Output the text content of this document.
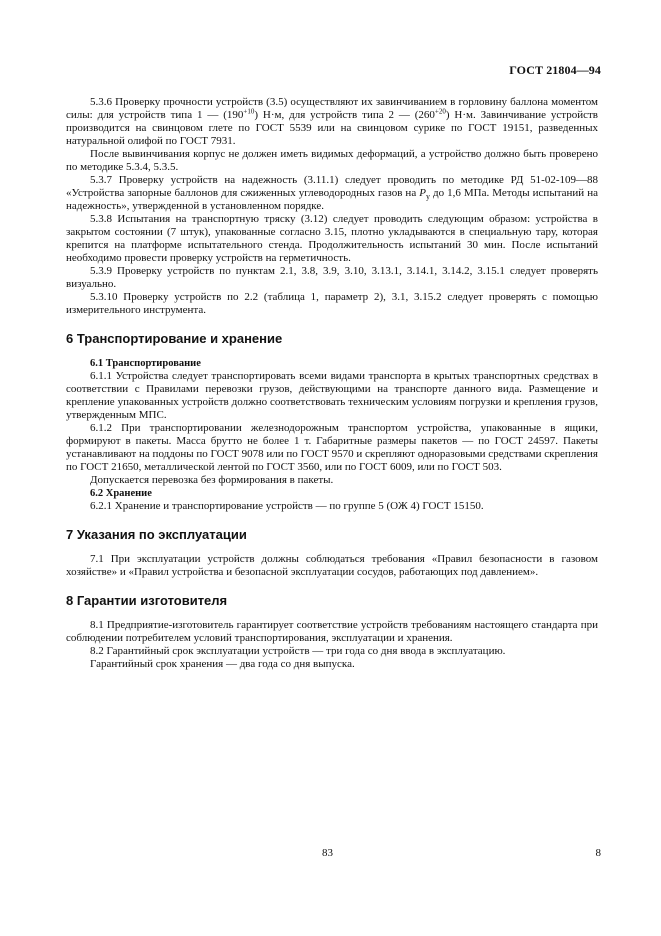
ГОСТ 21804—94

5.3.6 Проверку прочности устройств (3.5) осуществляют их завинчиванием в горловину баллона моментом силы: для устройств типа 1 — $(190^{+10})$ Н·м, для устройств типа 2 — $(260^{+20})$ Н·м. Завинчивание устройств производится на свинцовом глете по ГОСТ 5539 или на свинцовом сурике по ГОСТ 19151, разведенных натуральной олифой по ГОСТ 7931.

После вывинчивания корпус не должен иметь видимых деформаций, а устройство должно быть проверено по методике 5.3.4, 5.3.5.

5.3.7 Проверку устройств на надежность (3.11.1) следует проводить по методике РД 51-02-109—88 «Устройства запорные баллонов для сжиженных углеводородных газов на $P_у$ до 1,6 МПа. Методы испытаний на надежность», утвержденной в установленном порядке.

5.3.8 Испытания на транспортную тряску (3.12) следует проводить следующим образом: устройства в закрытом состоянии (7 штук), упакованные согласно 3.15, плотно укладываются в специальную тару, которая крепится на платформе испытательного стенда. Продолжительность испытаний 30 мин. После испытаний необходимо провести проверку устройств на герметичность.

5.3.9 Проверку устройств по пунктам 2.1, 3.8, 3.9, 3.10, 3.13.1, 3.14.1, 3.14.2, 3.15.1 следует проверять визуально.

5.3.10 Проверку устройств по 2.2 (таблица 1, параметр 2), 3.1, 3.15.2 следует проверять с помощью измерительного инструмента.

6 Транспортирование и хранение

6.1 Транспортирование

6.1.1 Устройства следует транспортировать всеми видами транспорта в крытых транспортных средствах в соответствии с Правилами перевозки грузов, действующими на транспорте данного вида. Размещение и крепление упакованных устройств должно соответствовать техническим условиям погрузки и крепления грузов, утвержденным МПС.

6.1.2 При транспортировании железнодорожным транспортом устройства, упакованные в ящики, формируют в пакеты. Масса брутто не более 1 т. Габаритные размеры пакетов — по ГОСТ 24597. Пакеты устанавливают на поддоны по ГОСТ 9078 или по ГОСТ 9570 и скрепляют одноразовыми средствами скрепления по ГОСТ 21650, металлической лентой по ГОСТ 3560, или по ГОСТ 6009, или по ГОСТ 503.

Допускается перевозка без формирования в пакеты.

6.2 Хранение

6.2.1 Хранение и транспортирование устройств — по группе 5 (ОЖ 4) ГОСТ 15150.

7 Указания по эксплуатации

7.1 При эксплуатации устройств должны соблюдаться требования «Правил безопасности в газовом хозяйстве» и «Правил устройства и безопасной эксплуатации сосудов, работающих под давлением».

8 Гарантии изготовителя

8.1 Предприятие-изготовитель гарантирует соответствие устройств требованиям настоящего стандарта при соблюдении потребителем условий транспортирования, эксплуатации и хранения.

8.2 Гарантийный срок эксплуатации устройств — три года со дня ввода в эксплуатацию.

Гарантийный срок хранения — два года со дня выпуска.

83	8
